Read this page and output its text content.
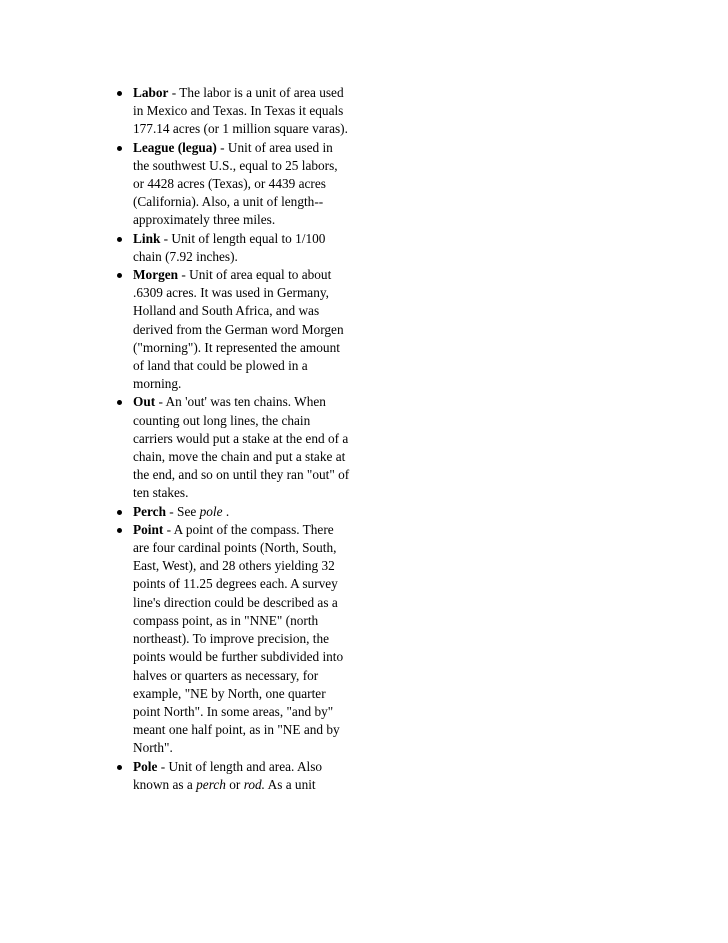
Labor - The labor is a unit of area used in Mexico and Texas. In Texas it equals 177.14 acres (or 1 million square varas).
League (legua) - Unit of area used in the southwest U.S., equal to 25 labors, or 4428 acres (Texas), or 4439 acres (California). Also, a unit of length-- approximately three miles.
Link - Unit of length equal to 1/100 chain (7.92 inches).
Morgen - Unit of area equal to about .6309 acres. It was used in Germany, Holland and South Africa, and was derived from the German word Morgen ("morning"). It represented the amount of land that could be plowed in a morning.
Out - An 'out' was ten chains. When counting out long lines, the chain carriers would put a stake at the end of a chain, move the chain and put a stake at the end, and so on until they ran "out" of ten stakes.
Perch - See pole .
Point - A point of the compass. There are four cardinal points (North, South, East, West), and 28 others yielding 32 points of 11.25 degrees each. A survey line's direction could be described as a compass point, as in "NNE" (north northeast). To improve precision, the points would be further subdivided into halves or quarters as necessary, for example, "NE by North, one quarter point North". In some areas, "and by" meant one half point, as in "NE and by North".
Pole - Unit of length and area. Also known as a perch or rod. As a unit
